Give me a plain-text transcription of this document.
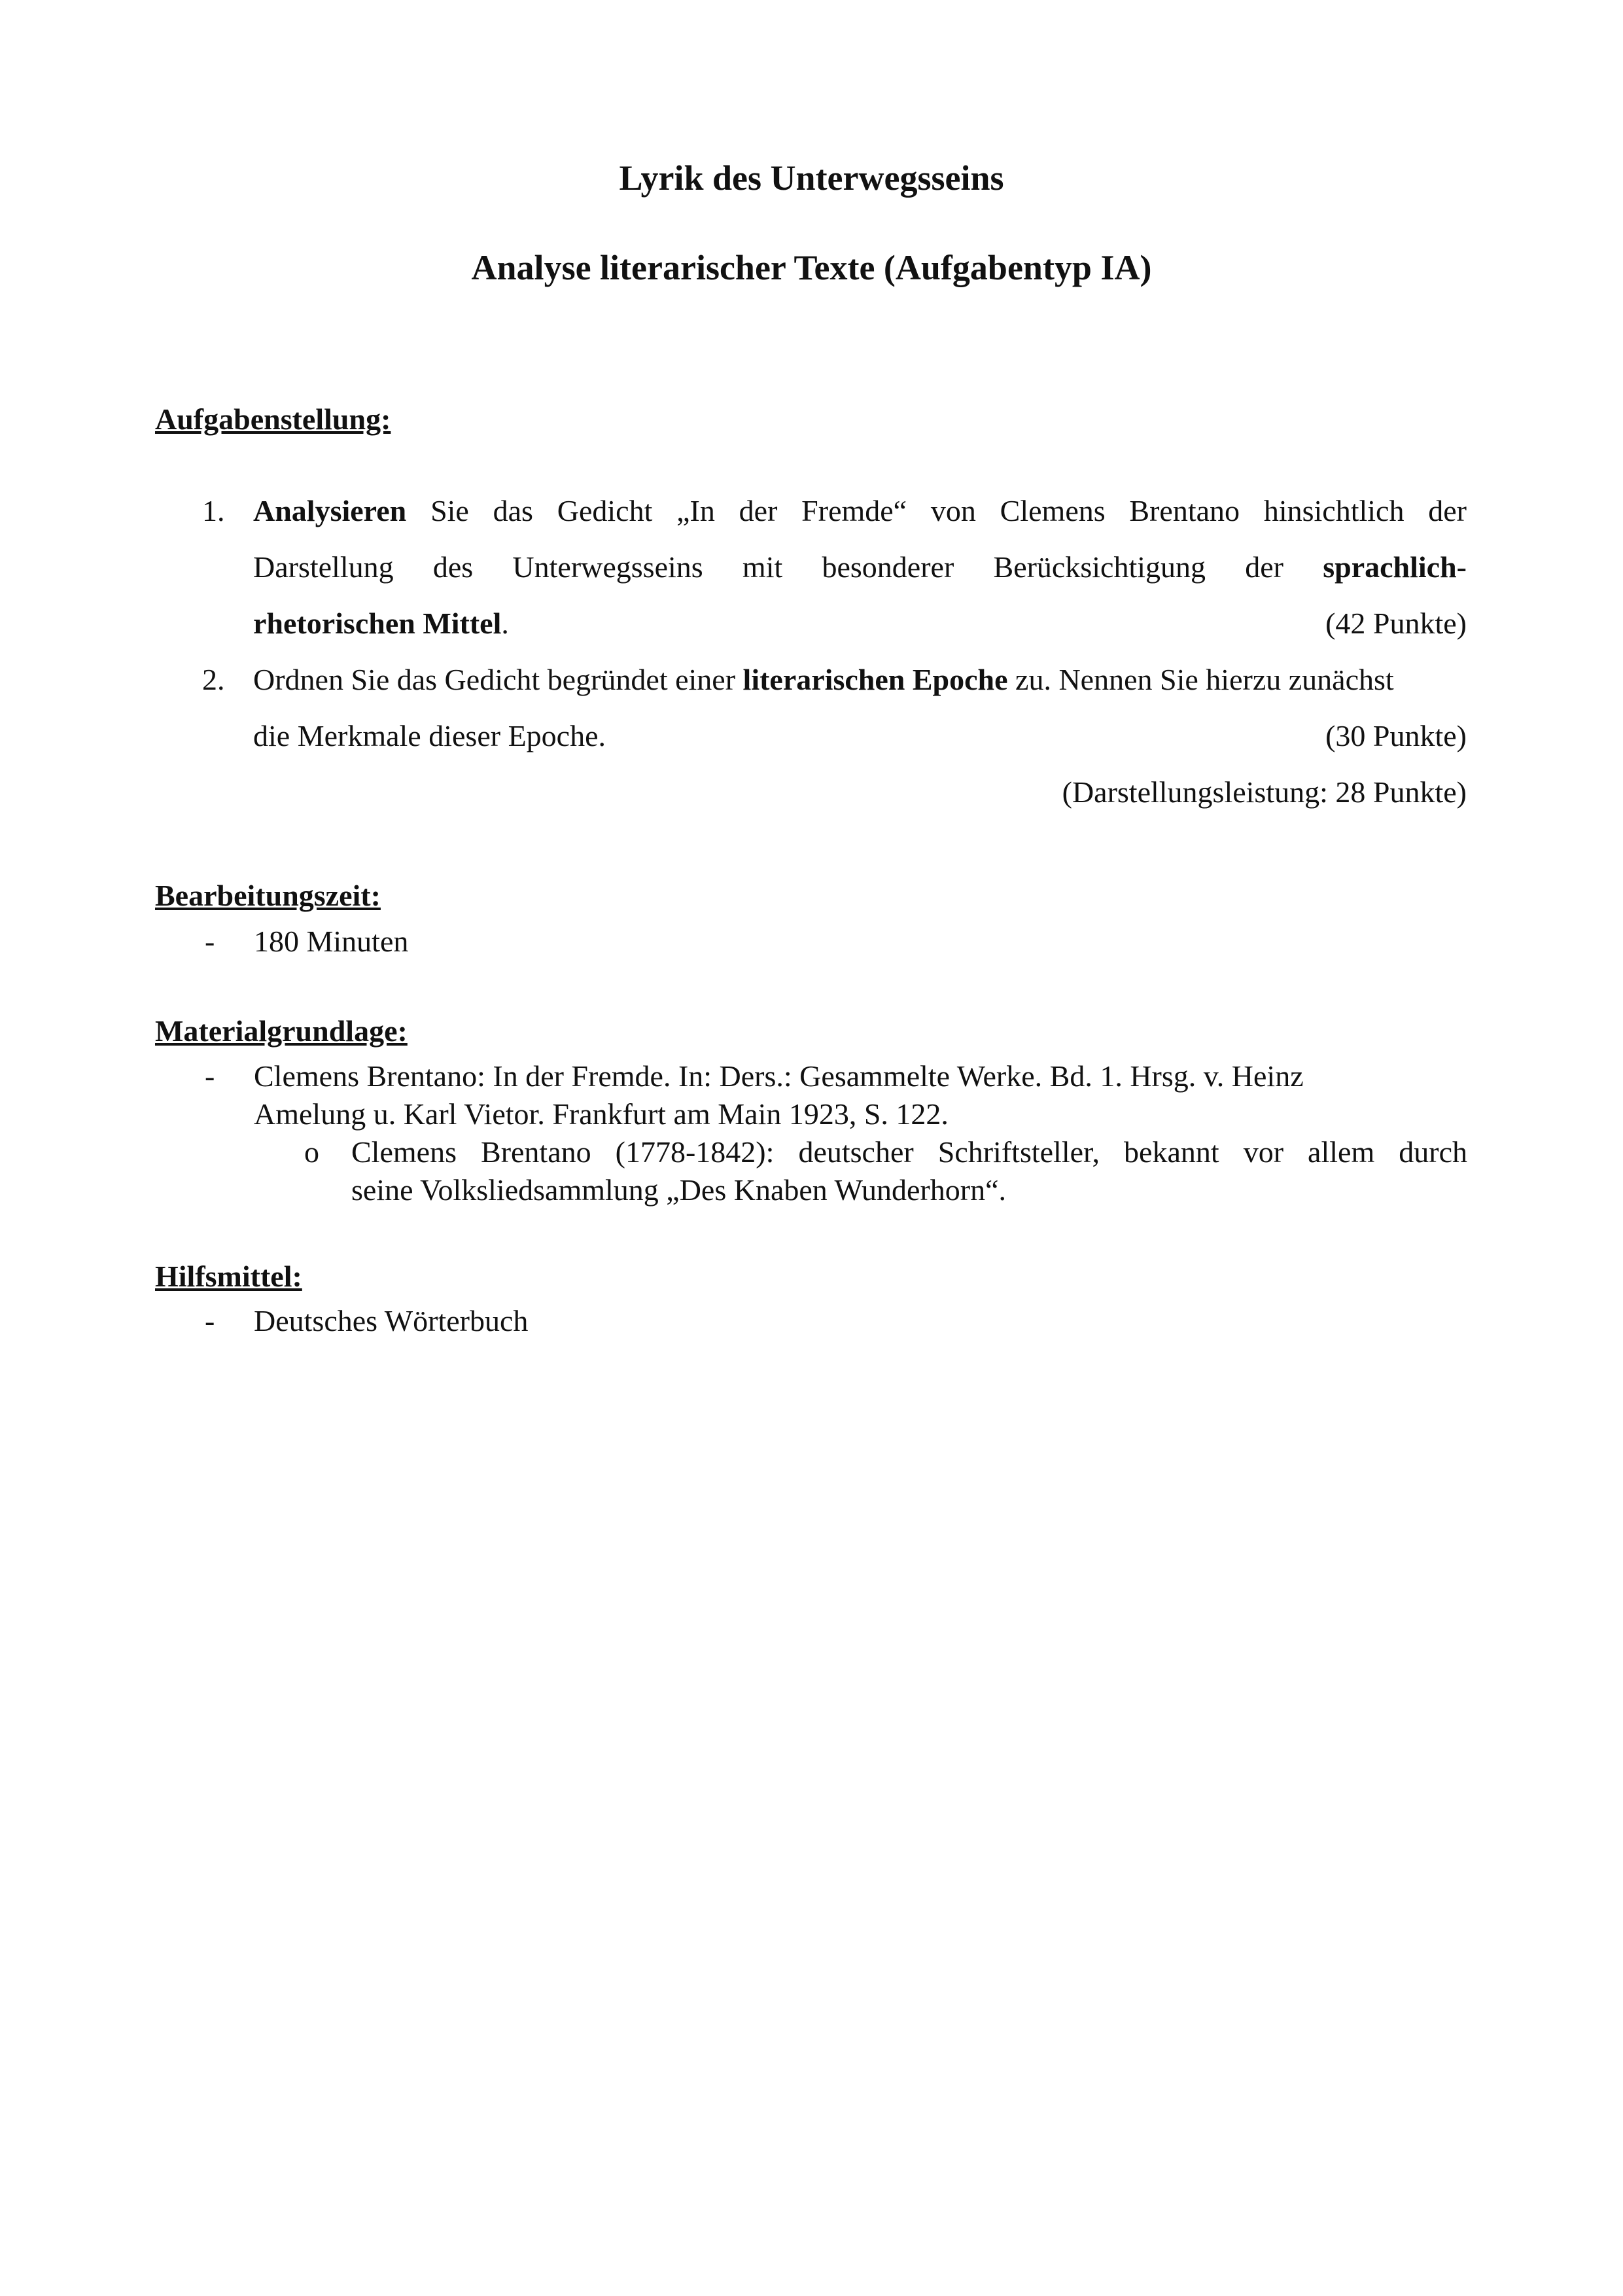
Lyrik des Unterwegsseins
Analyse literarischer Texte (Aufgabentyp IA)
Aufgabenstellung:
1. Analysieren Sie das Gedicht „In der Fremde“ von Clemens Brentano hinsichtlich der
Darstellung des Unterwegsseins mit besonderer Berücksichtigung der sprachlich-
rhetorischen Mittel.	(42 Punkte)
2. Ordnen Sie das Gedicht begründet einer literarischen Epoche zu. Nennen Sie hierzu zunächst
die Merkmale dieser Epoche.	(30 Punkte)
(Darstellungsleistung: 28 Punkte)
Bearbeitungszeit:
- 180 Minuten
Materialgrundlage:
- Clemens Brentano: In der Fremde. In: Ders.: Gesammelte Werke. Bd. 1. Hrsg. v. Heinz
Amelung u. Karl Vietor. Frankfurt am Main 1923, S. 122.
o Clemens Brentano (1778-1842): deutscher Schriftsteller, bekannt vor allem durch
seine Volksliedsammlung „Des Knaben Wunderhorn“.
Hilfsmittel:
- Deutsches Wörterbuch
